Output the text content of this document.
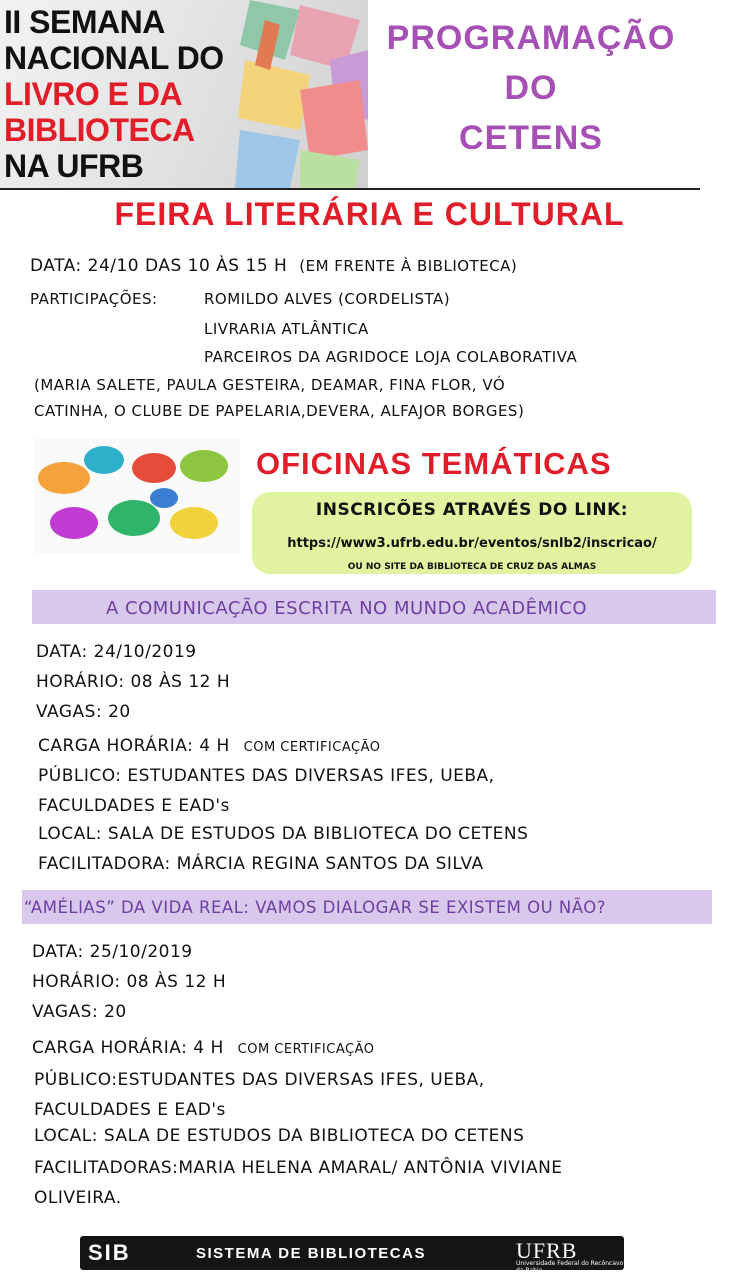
II SEMANA
NACIONAL DO
LIVRO E DA
BIBLIOTECA
NA UFRB
PROGRAMAÇÃO
DO
CETENS
FEIRA LITERÁRIA E CULTURAL
DATA: 24/10 DAS 10 ÀS 15 H (EM FRENTE À BIBLIOTECA)
PARTICIPAÇÕES:	ROMILDO ALVES (CORDELISTA)
LIVRARIA ATLÂNTICA
PARCEIROS DA AGRIDOCE LOJA COLABORATIVA
(MARIA SALETE, PAULA GESTEIRA, DEAMAR, FINA FLOR, VÓ
CATINHA, O CLUBE DE PAPELARIA,DEVERA, ALFAJOR BORGES)
OFICINAS TEMÁTICAS
INSCRICÕES ATRAVÉS DO LINK:
https://www3.ufrb.edu.br/eventos/snlb2/inscricao/
OU NO SITE DA BIBLIOTECA DE CRUZ DAS ALMAS
A COMUNICAÇÃO ESCRITA NO MUNDO ACADÊMICO
DATA: 24/10/2019
HORÁRIO: 08 ÀS 12 H
VAGAS: 20
CARGA HORÁRIA: 4 H COM CERTIFICAÇÃO
PÚBLICO: ESTUDANTES DAS DIVERSAS IFES, UEBA,
FACULDADES E EAD's
LOCAL: SALA DE ESTUDOS DA BIBLIOTECA DO CETENS
FACILITADORA: MÁRCIA REGINA SANTOS DA SILVA
“AMÉLIAS” DA VIDA REAL: VAMOS DIALOGAR SE EXISTEM OU NÃO?
DATA: 25/10/2019
HORÁRIO: 08 ÀS 12 H
VAGAS: 20
CARGA HORÁRIA: 4 H COM CERTIFICAÇÃO
PÚBLICO:ESTUDANTES DAS DIVERSAS IFES, UEBA,
FACULDADES E EAD's
LOCAL: SALA DE ESTUDOS DA BIBLIOTECA DO CETENS
FACILITADORAS:MARIA HELENA AMARAL/ ANTÔNIA VIVIANE
OLIVEIRA.
SIB	SISTEMA DE BIBLIOTECAS	UFRB
Universidade Federal do Recôncavo da Bahia
